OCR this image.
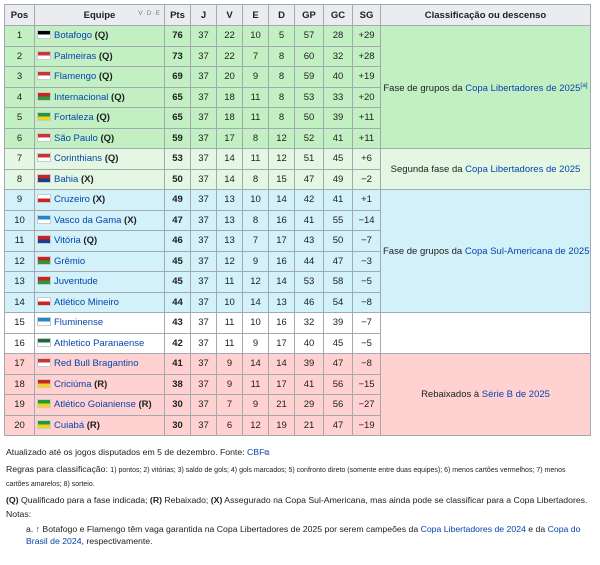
Pos	Equipe V·D·E	Pts	J	V	E	D	GP	GC	SG	Classificação ou descenso
1	Botafogo (Q)	76	37	22	10	5	57	28	+29	Fase de grupos da Copa Libertadores de 2025[a]
2	Palmeiras (Q)	73	37	22	7	8	60	32	+28	
3	Flamengo (Q)	69	37	20	9	8	59	40	+19	
4	Internacional (Q)	65	37	18	11	8	53	33	+20	
5	Fortaleza (Q)	65	37	18	11	8	50	39	+11	
6	São Paulo (Q)	59	37	17	8	12	52	41	+11	
7	Corinthians (Q)	53	37	14	11	12	51	45	+6	Segunda fase da Copa Libertadores de 2025
8	Bahia (X)	50	37	14	8	15	47	49	−2	
9	Cruzeiro (X)	49	37	13	10	14	42	41	+1	Fase de grupos da Copa Sul-Americana de 2025
10	Vasco da Gama (X)	47	37	13	8	16	41	55	−14	
11	Vitória (Q)	46	37	13	7	17	43	50	−7	
12	Grêmio	45	37	12	9	16	44	47	−3	
13	Juventude	45	37	11	12	14	53	58	−5	
14	Atlético Mineiro	44	37	10	14	13	46	54	−8	
15	Fluminense	43	37	11	10	16	32	39	−7	
16	Athletico Paranaense	42	37	11	9	17	40	45	−5	
17	Red Bull Bragantino	41	37	9	14	14	39	47	−8	Rebaixados à Série B de 2025
18	Criciúma (R)	38	37	9	11	17	41	56	−15	
19	Atlético Goianiense (R)	30	37	7	9	21	29	56	−27	
20	Cuiabá (R)	30	37	6	12	19	21	47	−19	

Atualizado até os jogos disputados em 5 de dezembro. Fonte: CBF⧉

Regras para classificação: 1) pontos; 2) vitórias; 3) saldo de gols; 4) gols marcados; 5) confronto direto (somente entre duas equipes); 6) menos cartões vermelhos; 7) menos cartões amarelos; 8) sorteio.

(Q) Qualificado para a fase indicada; (R) Rebaixado; (X) Assegurado na Copa Sul-Americana, mas ainda pode se classificar para a Copa Libertadores.

Notas:

a. ↑ Botafogo e Flamengo têm vaga garantida na Copa Libertadores de 2025 por serem campeões da Copa Libertadores de 2024 e da Copa do Brasil de 2024, respectivamente.
